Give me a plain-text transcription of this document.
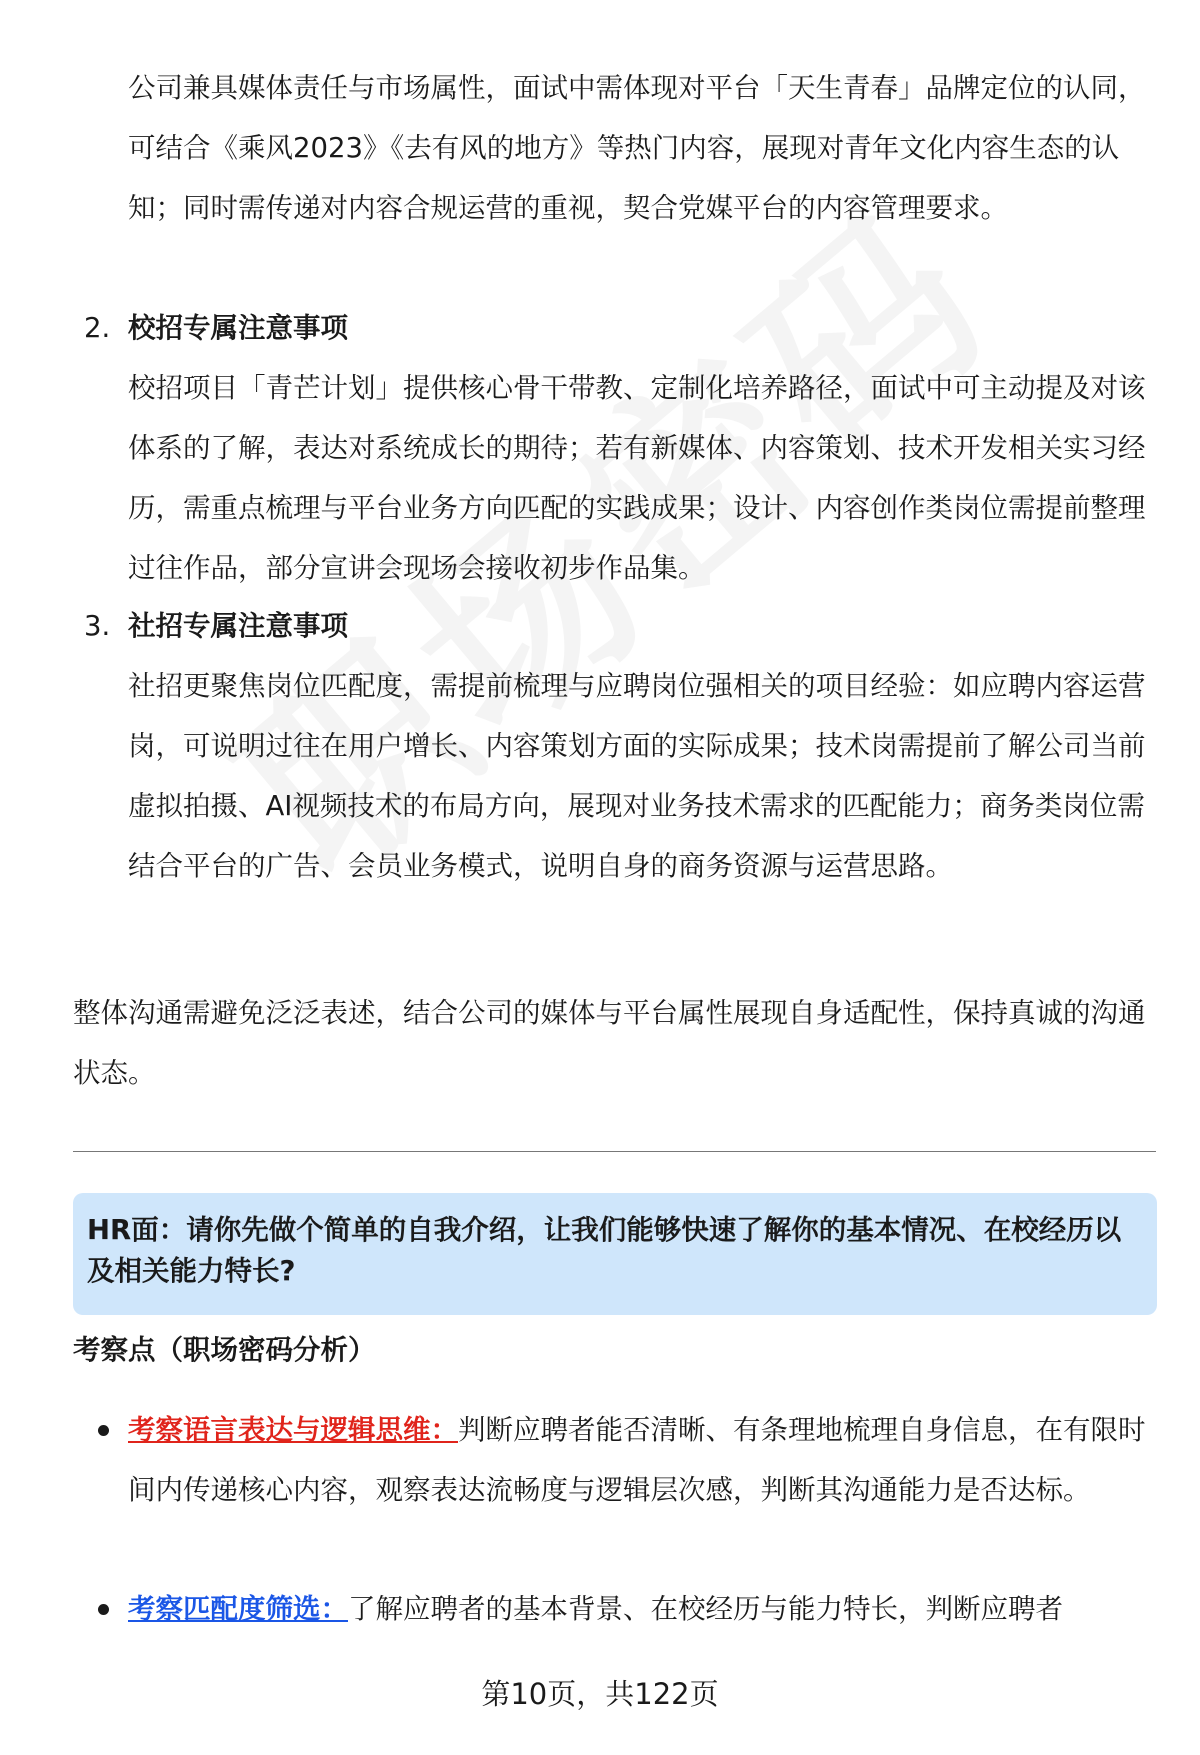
公司兼具媒体责任与市场属性，面试中需体现对平台「天生青春」品牌定位的认同，可结合《乘风2023》《去有风的地方》等热门内容，展现对青年文化内容生态的认知；同时需传递对内容合规运营的重视，契合党媒平台的内容管理要求。

2. 校招专属注意事项

校招项目「青芒计划」提供核心骨干带教、定制化培养路径，面试中可主动提及对该体系的了解，表达对系统成长的期待；若有新媒体、内容策划、技术开发相关实习经历，需重点梳理与平台业务方向匹配的实践成果；设计、内容创作类岗位需提前整理过往作品，部分宣讲会现场会接收初步作品集。

3. 社招专属注意事项

社招更聚焦岗位匹配度，需提前梳理与应聘岗位强相关的项目经验：如应聘内容运营岗，可说明过往在用户增长、内容策划方面的实际成果；技术岗需提前了解公司当前虚拟拍摄、AI视频技术的布局方向，展现对业务技术需求的匹配能力；商务类岗位需结合平台的广告、会员业务模式，说明自身的商务资源与运营思路。

整体沟通需避免泛泛表述，结合公司的媒体与平台属性展现自身适配性，保持真诚的沟通状态。

HR面：请你先做个简单的自我介绍，让我们能够快速了解你的基本情况、在校经历以及相关能力特长?
考察点（职场密码分析）
考察语言表达与逻辑思维：判断应聘者能否清晰、有条理地梳理自身信息，在有限时间内传递核心内容，观察表达流畅度与逻辑层次感，判断其沟通能力是否达标。
考察匹配度筛选：了解应聘者的基本背景、在校经历与能力特长，判断应聘者
第10页，共122页
